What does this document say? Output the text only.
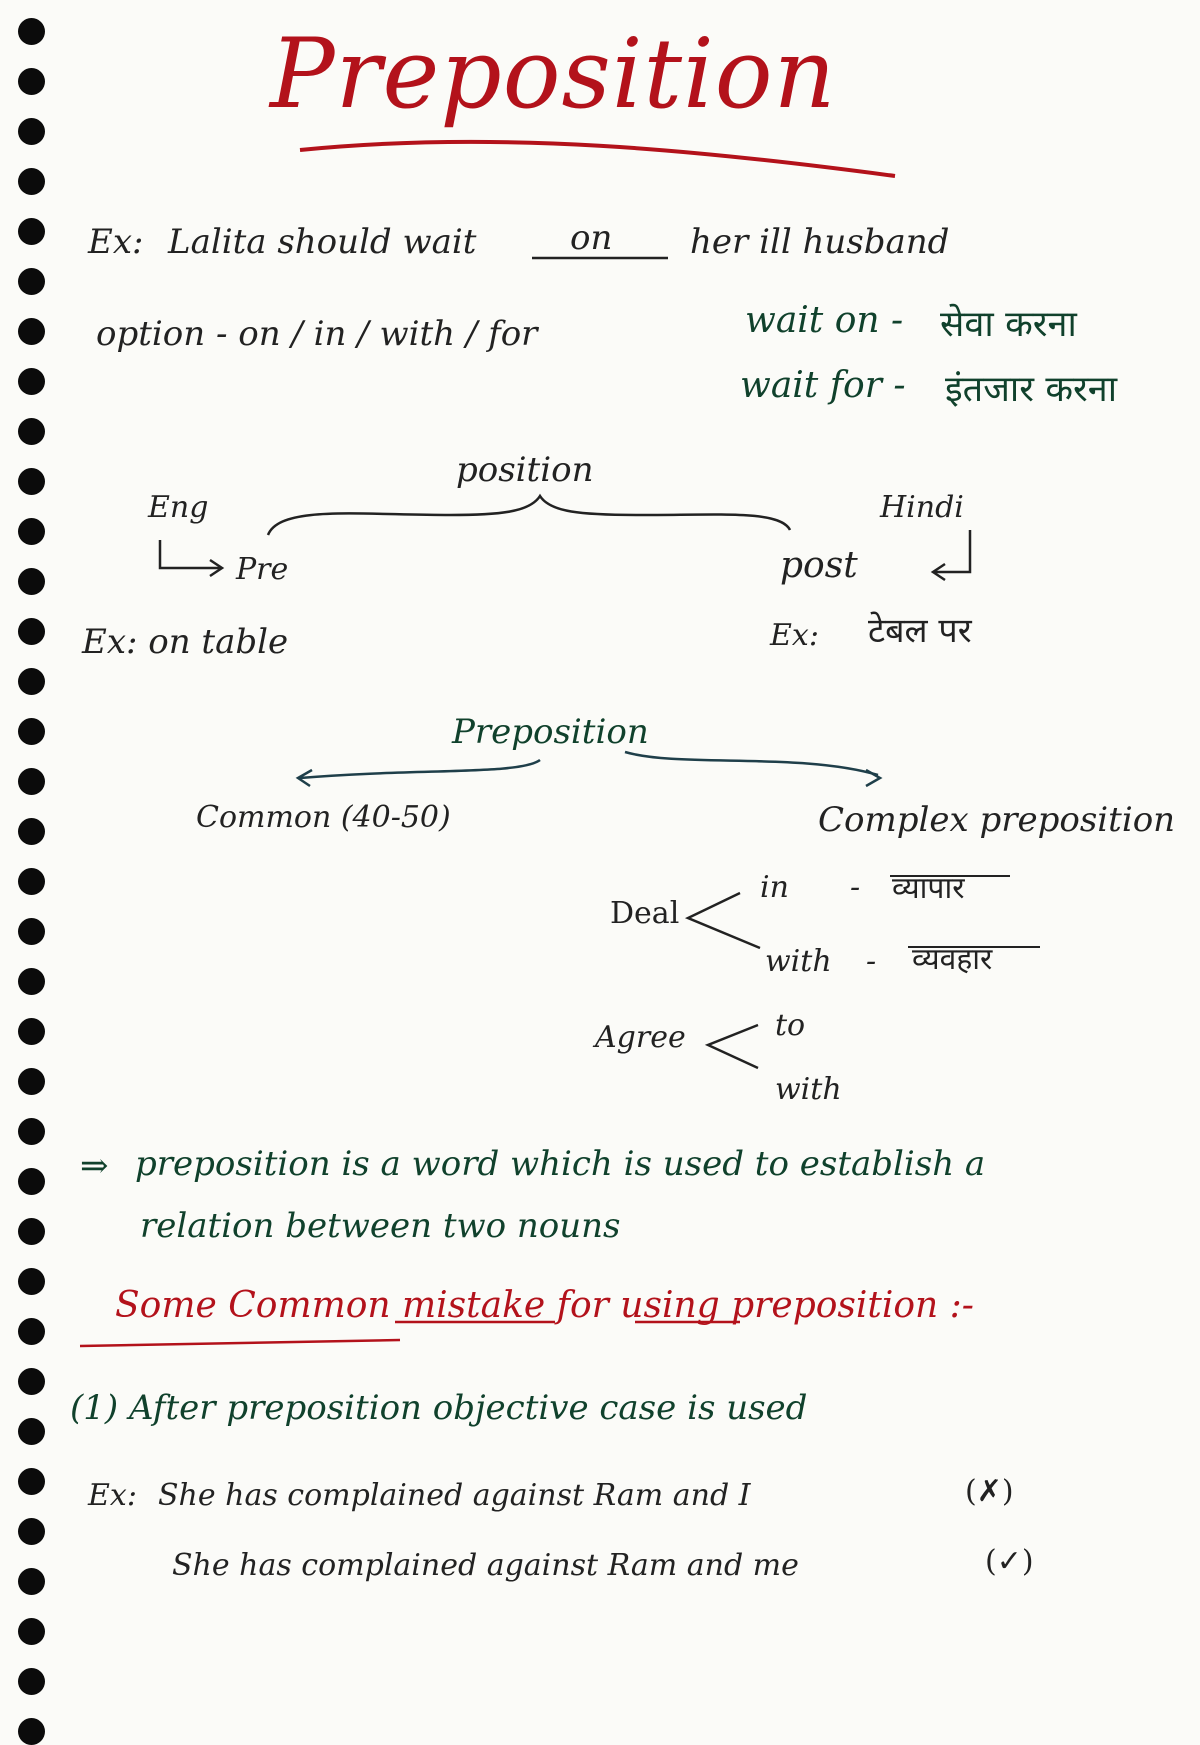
Preposition
Ex: Lalita should wait	on her ill husband
option - on / in / with / for	wait on - सेवा करना
wait for - इंतजार करना
position
Eng
Pre
Hindi
post
Ex: on table	Ex: टेबल पर
Preposition
Common (40-50)	Complex preposition
Deal
in - व्यापार
with - व्यवहार
Agree	to
with
⇒ preposition is a word which is used to establish a
relation between two nouns
Some Common mistake for using preposition :-
(1) After preposition objective case is used
Ex: She has complained against Ram and I	(✗)
She has complained against Ram and me	(✓)
